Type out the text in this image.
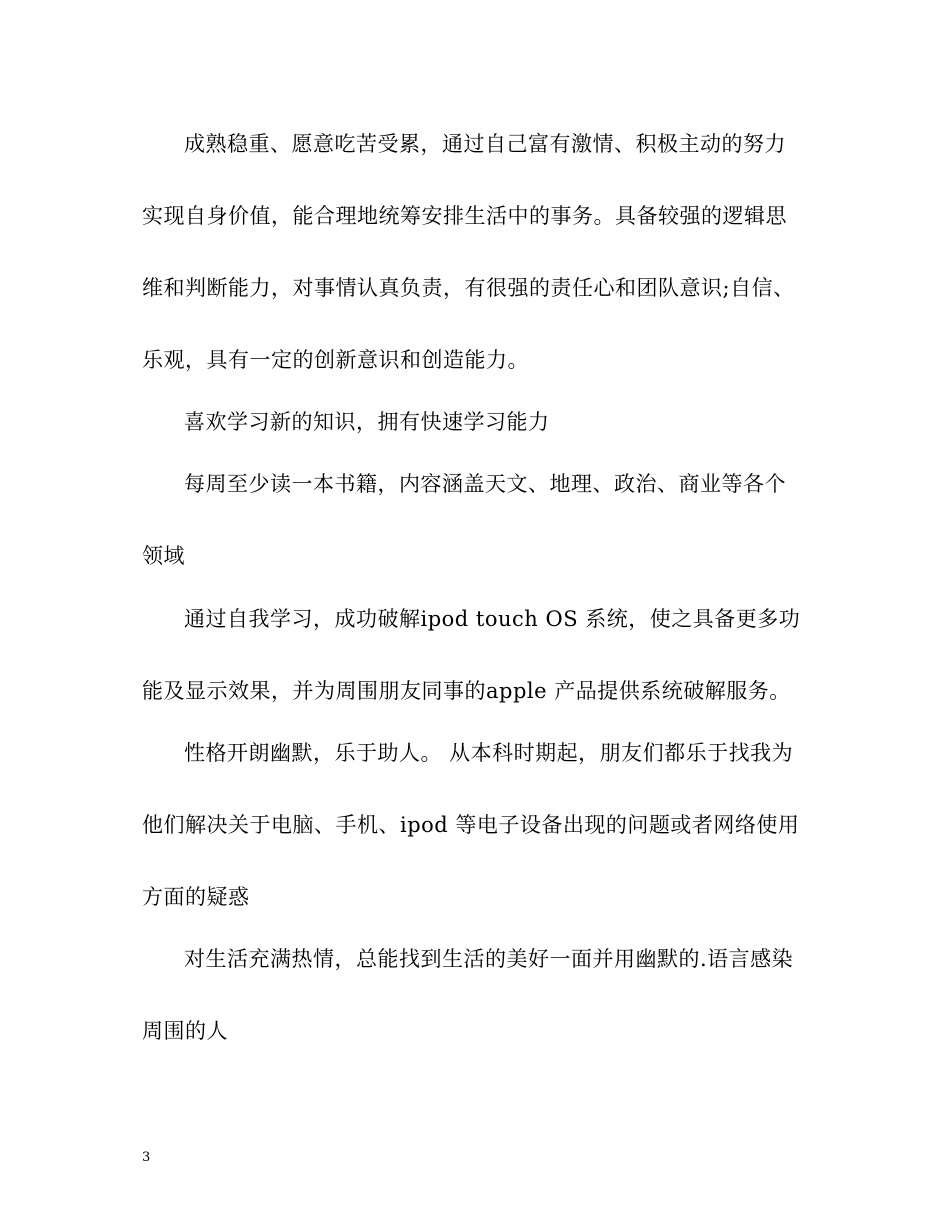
成熟稳重、愿意吃苦受累，通过自己富有激情、积极主动的努力
实现自身价值，能合理地统筹安排生活中的事务。具备较强的逻辑思
维和判断能力，对事情认真负责，有很强的责任心和团队意识;自信、
乐观，具有一定的创新意识和创造能力。
喜欢学习新的知识，拥有快速学习能力
每周至少读一本书籍，内容涵盖天文、地理、政治、商业等各个
领域
通过自我学习，成功破解ipod touch OS 系统，使之具备更多功
能及显示效果，并为周围朋友同事的apple 产品提供系统破解服务。
性格开朗幽默，乐于助人。 从本科时期起，朋友们都乐于找我为
他们解决关于电脑、手机、ipod 等电子设备出现的问题或者网络使用
方面的疑惑
对生活充满热情，总能找到生活的美好一面并用幽默的.语言感染
周围的人
3
